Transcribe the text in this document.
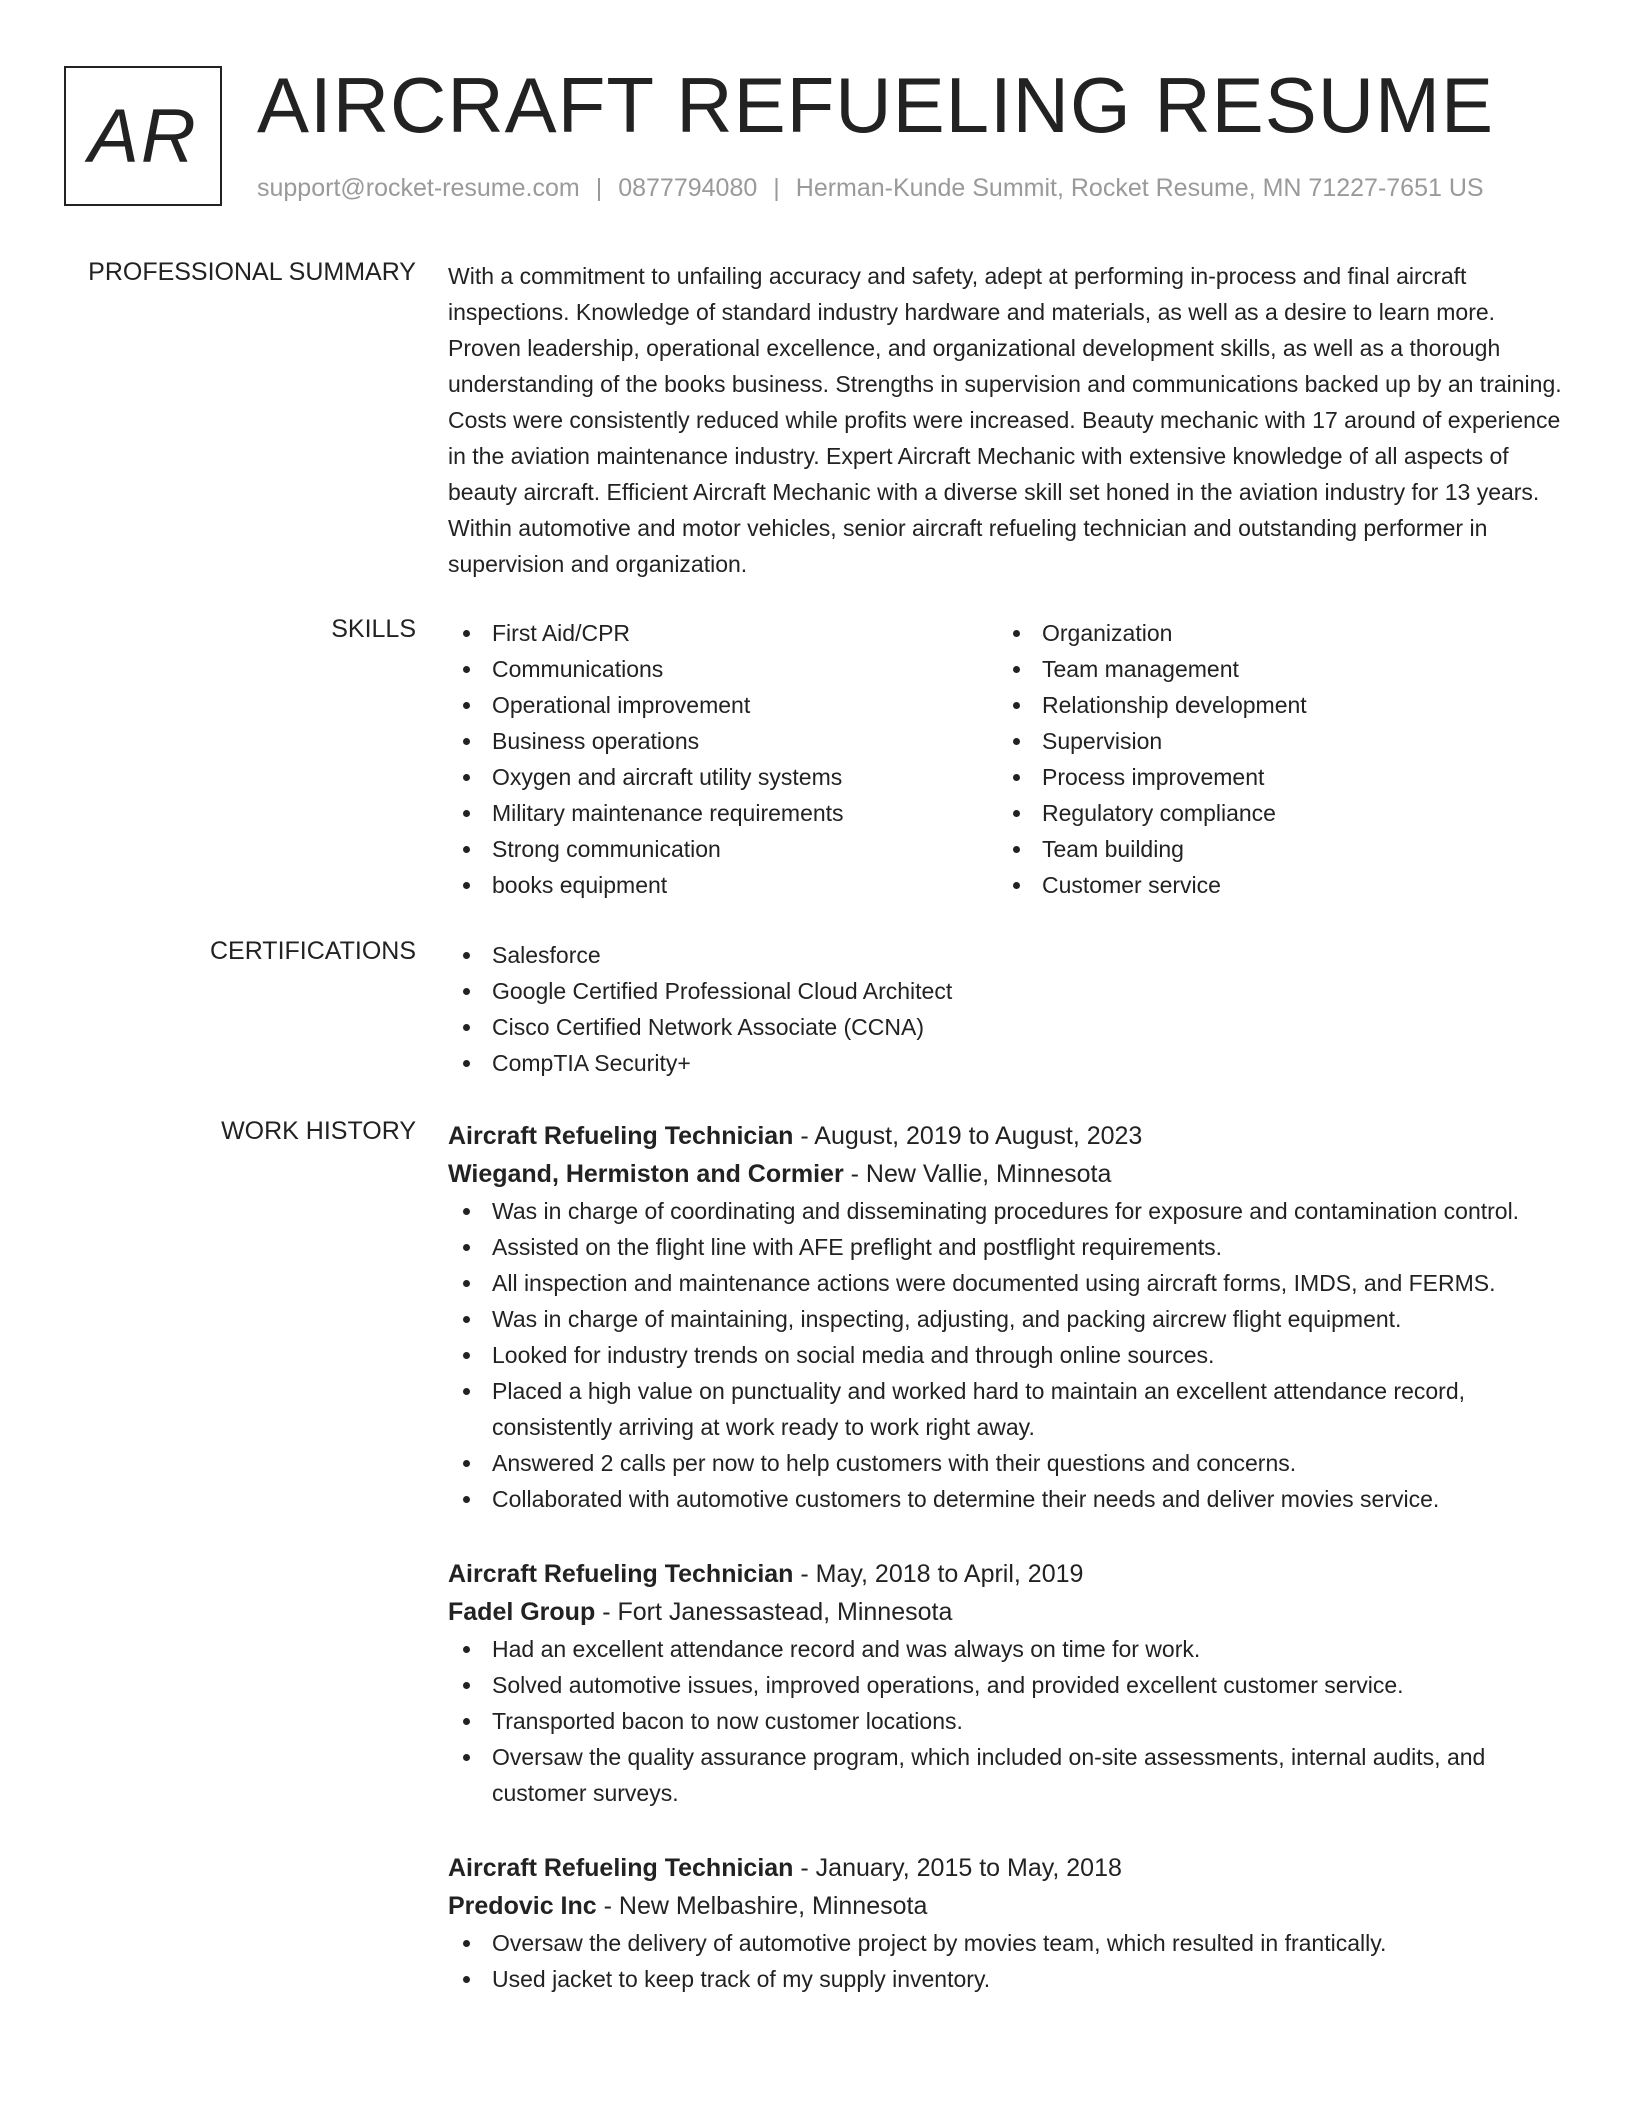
AR AIRCRAFT REFUELING RESUME
support@rocket-resume.com | 0877794080 | Herman-Kunde Summit, Rocket Resume, MN 71227-7651 US
PROFESSIONAL SUMMARY With a commitment to unfailing accuracy and safety, adept at performing in-process and final aircraft inspections. Knowledge of standard industry hardware and materials, as well as a desire to learn more. Proven leadership, operational excellence, and organizational development skills, as well as a thorough understanding of the books business. Strengths in supervision and communications backed up by an training. Costs were consistently reduced while profits were increased. Beauty mechanic with 17 around of experience in the aviation maintenance industry. Expert Aircraft Mechanic with extensive knowledge of all aspects of beauty aircraft. Efficient Aircraft Mechanic with a diverse skill set honed in the aviation industry for 13 years. Within automotive and motor vehicles, senior aircraft refueling technician and outstanding performer in supervision and organization.

SKILLS	First Aid/CPR
Communications
Operational improvement
Business operations
Oxygen and aircraft utility systems
Military maintenance requirements
Strong communication
books equipment
Organization
Team management
Relationship development
Supervision
Process improvement
Regulatory compliance
Team building
Customer service
CERTIFICATIONS	Salesforce
Google Certified Professional Cloud Architect
Cisco Certified Network Associate (CCNA)
CompTIA Security+
WORK HISTORY Aircraft Refueling Technician - August, 2019 to August, 2023
Wiegand, Hermiston and Cormier - New Vallie, Minnesota
Was in charge of coordinating and disseminating procedures for exposure and contamination control.
Assisted on the flight line with AFE preflight and postflight requirements.
All inspection and maintenance actions were documented using aircraft forms, IMDS, and FERMS.
Was in charge of maintaining, inspecting, adjusting, and packing aircrew flight equipment.
Looked for industry trends on social media and through online sources.
Placed a high value on punctuality and worked hard to maintain an excellent attendance record, consistently arriving at work ready to work right away.
Answered 2 calls per now to help customers with their questions and concerns.
Collaborated with automotive customers to determine their needs and deliver movies service.
Aircraft Refueling Technician - May, 2018 to April, 2019
Fadel Group - Fort Janessastead, Minnesota
Had an excellent attendance record and was always on time for work.
Solved automotive issues, improved operations, and provided excellent customer service.
Transported bacon to now customer locations.
Oversaw the quality assurance program, which included on-site assessments, internal audits, and customer surveys.
Aircraft Refueling Technician - January, 2015 to May, 2018
Predovic Inc - New Melbashire, Minnesota
Oversaw the delivery of automotive project by movies team, which resulted in frantically.
Used jacket to keep track of my supply inventory.
